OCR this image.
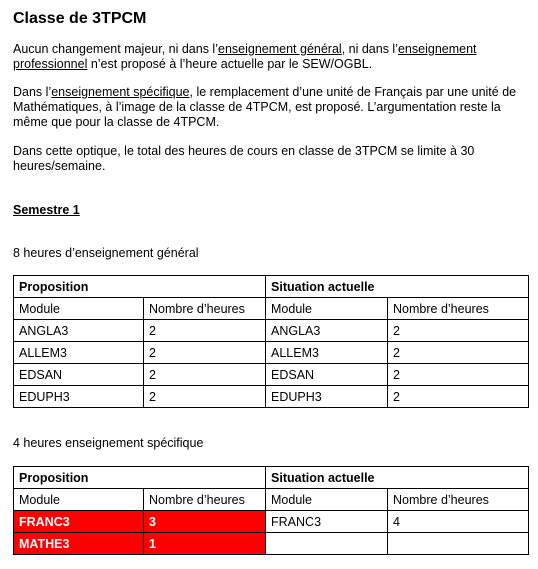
Classe de 3TPCM
Aucun changement majeur, ni dans l’enseignement général, ni dans l’enseignement
professionnel n’est proposé à l’heure actuelle par le SEW/OGBL.
Dans l’enseignement spécifique, le remplacement d’une unité de Français par une unité de
Mathématiques, à l’image de la classe de 4TPCM, est proposé. L’argumentation reste la
même que pour la classe de 4TPCM.
Dans cette optique, le total des heures de cours en classe de 3TPCM se limite à 30
heures/semaine.
Semestre 1
8 heures d’enseignement général
Proposition		Situation actuelle	
Module	Nombre d’heures	Module	Nombre d’heures
ANGLA3	2	ANGLA3	2
ALLEM3	2	ALLEM3	2
EDSAN	2	EDSAN	2
EDUPH3	2	EDUPH3	2
4 heures enseignement spécifique
Proposition		Situation actuelle	
Module	Nombre d’heures	Module	Nombre d’heures
FRANC3	3	FRANC3	4
MATHE3	1		
